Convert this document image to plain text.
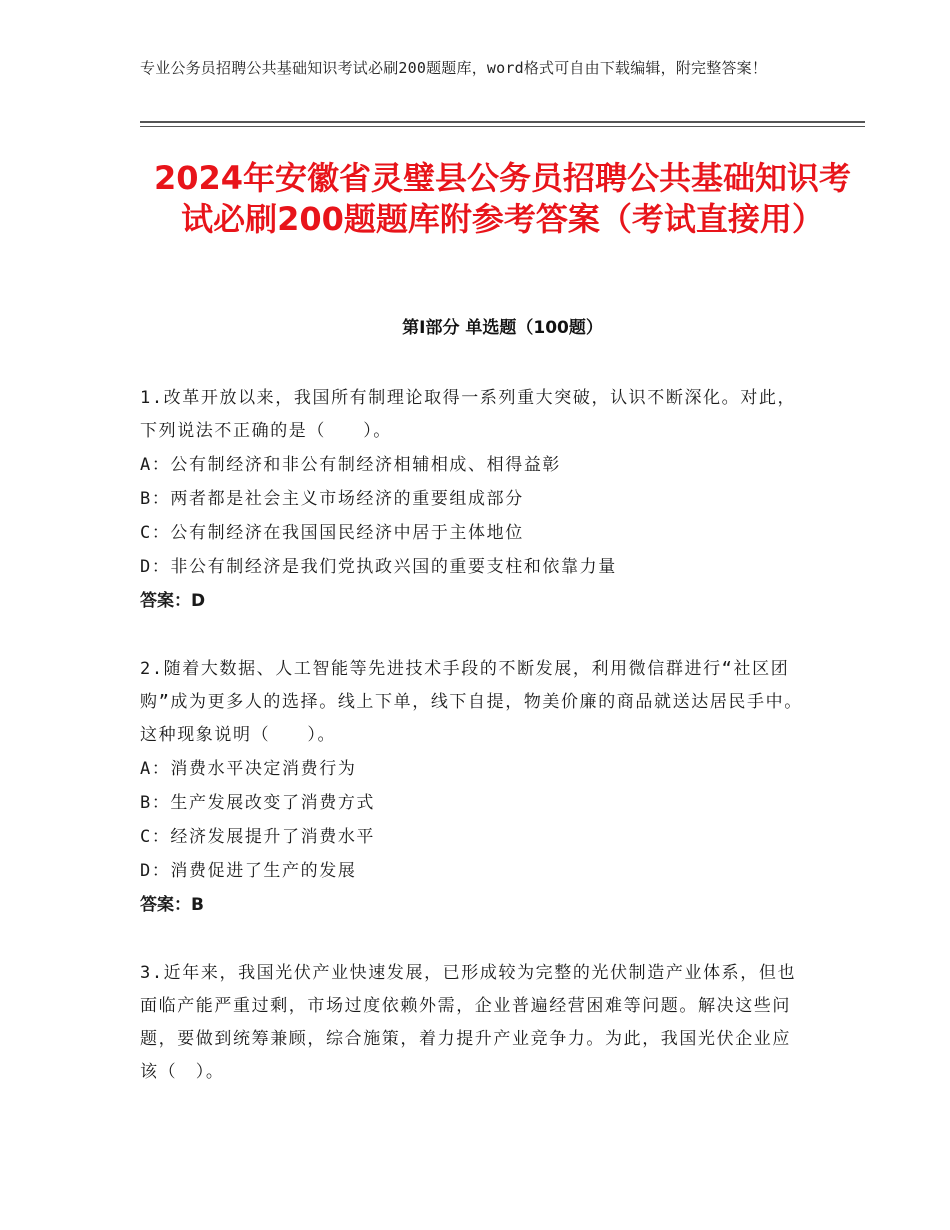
专业公务员招聘公共基础知识考试必刷200题题库，word格式可自由下载编辑，附完整答案！
2024年安徽省灵璧县公务员招聘公共基础知识考试必刷200题题库附参考答案（考试直接用）
第Ⅰ部分 单选题（100题）

1.改革开放以来，我国所有制理论取得一系列重大突破，认识不断深化。对此，下列说法不正确的是（　　）。

A：公有制经济和非公有制经济相辅相成、相得益彰

B：两者都是社会主义市场经济的重要组成部分

C：公有制经济在我国国民经济中居于主体地位

D：非公有制经济是我们党执政兴国的重要支柱和依靠力量

答案：D

2.随着大数据、人工智能等先进技术手段的不断发展，利用微信群进行“社区团购”成为更多人的选择。线上下单，线下自提，物美价廉的商品就送达居民手中。这种现象说明（　　）。

A：消费水平决定消费行为

B：生产发展改变了消费方式

C：经济发展提升了消费水平

D：消费促进了生产的发展

答案：B

3.近年来，我国光伏产业快速发展，已形成较为完整的光伏制造产业体系，但也面临产能严重过剩，市场过度依赖外需，企业普遍经营困难等问题。解决这些问题，要做到统筹兼顾，综合施策，着力提升产业竞争力。为此，我国光伏企业应该（　）。
